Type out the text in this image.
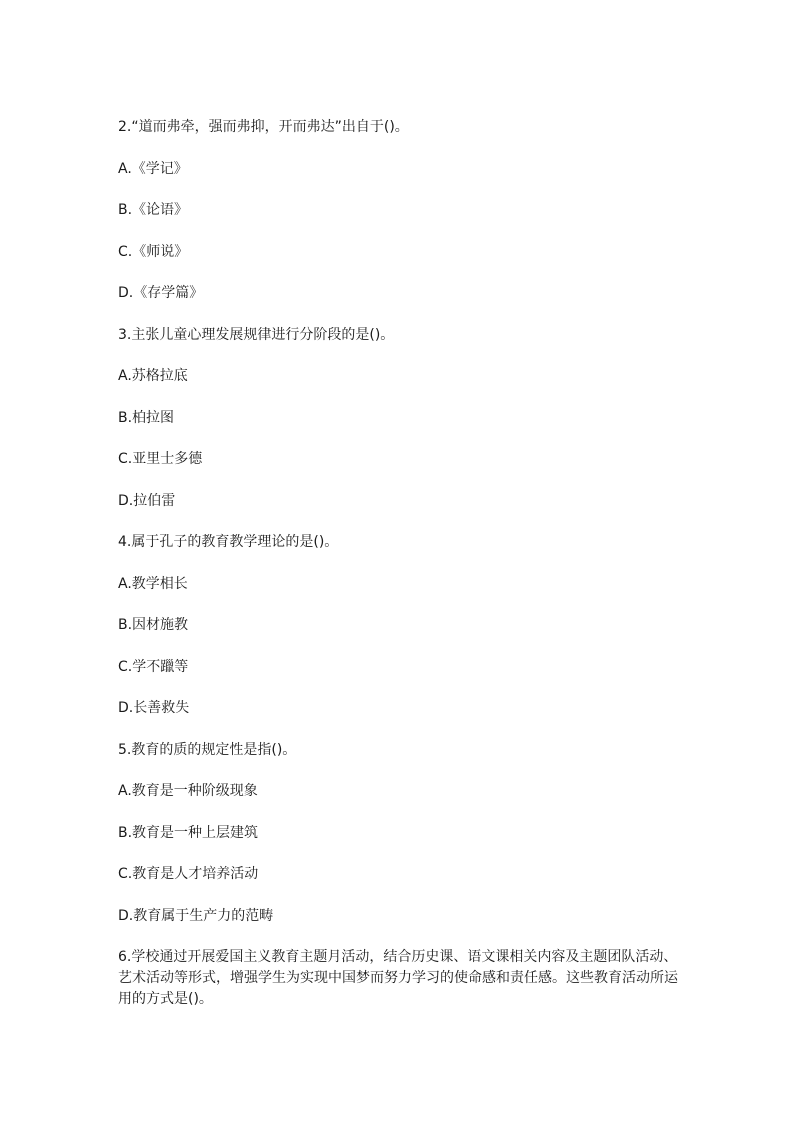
2.“道而弗牵，强而弗抑，开而弗达”出自于()。
A.《学记》
B.《论语》
C.《师说》
D.《存学篇》
3.主张儿童心理发展规律进行分阶段的是()。
A.苏格拉底
B.柏拉图
C.亚里士多德
D.拉伯雷
4.属于孔子的教育教学理论的是()。
A.教学相长
B.因材施教
C.学不躐等
D.长善救失
5.教育的质的规定性是指()。
A.教育是一种阶级现象
B.教育是一种上层建筑
C.教育是人才培养活动
D.教育属于生产力的范畴
6.学校通过开展爱国主义教育主题月活动，结合历史课、语文课相关内容及主题团队活动、艺术活动等形式，增强学生为实现中国梦而努力学习的使命感和责任感。这些教育活动所运用的方式是()。
